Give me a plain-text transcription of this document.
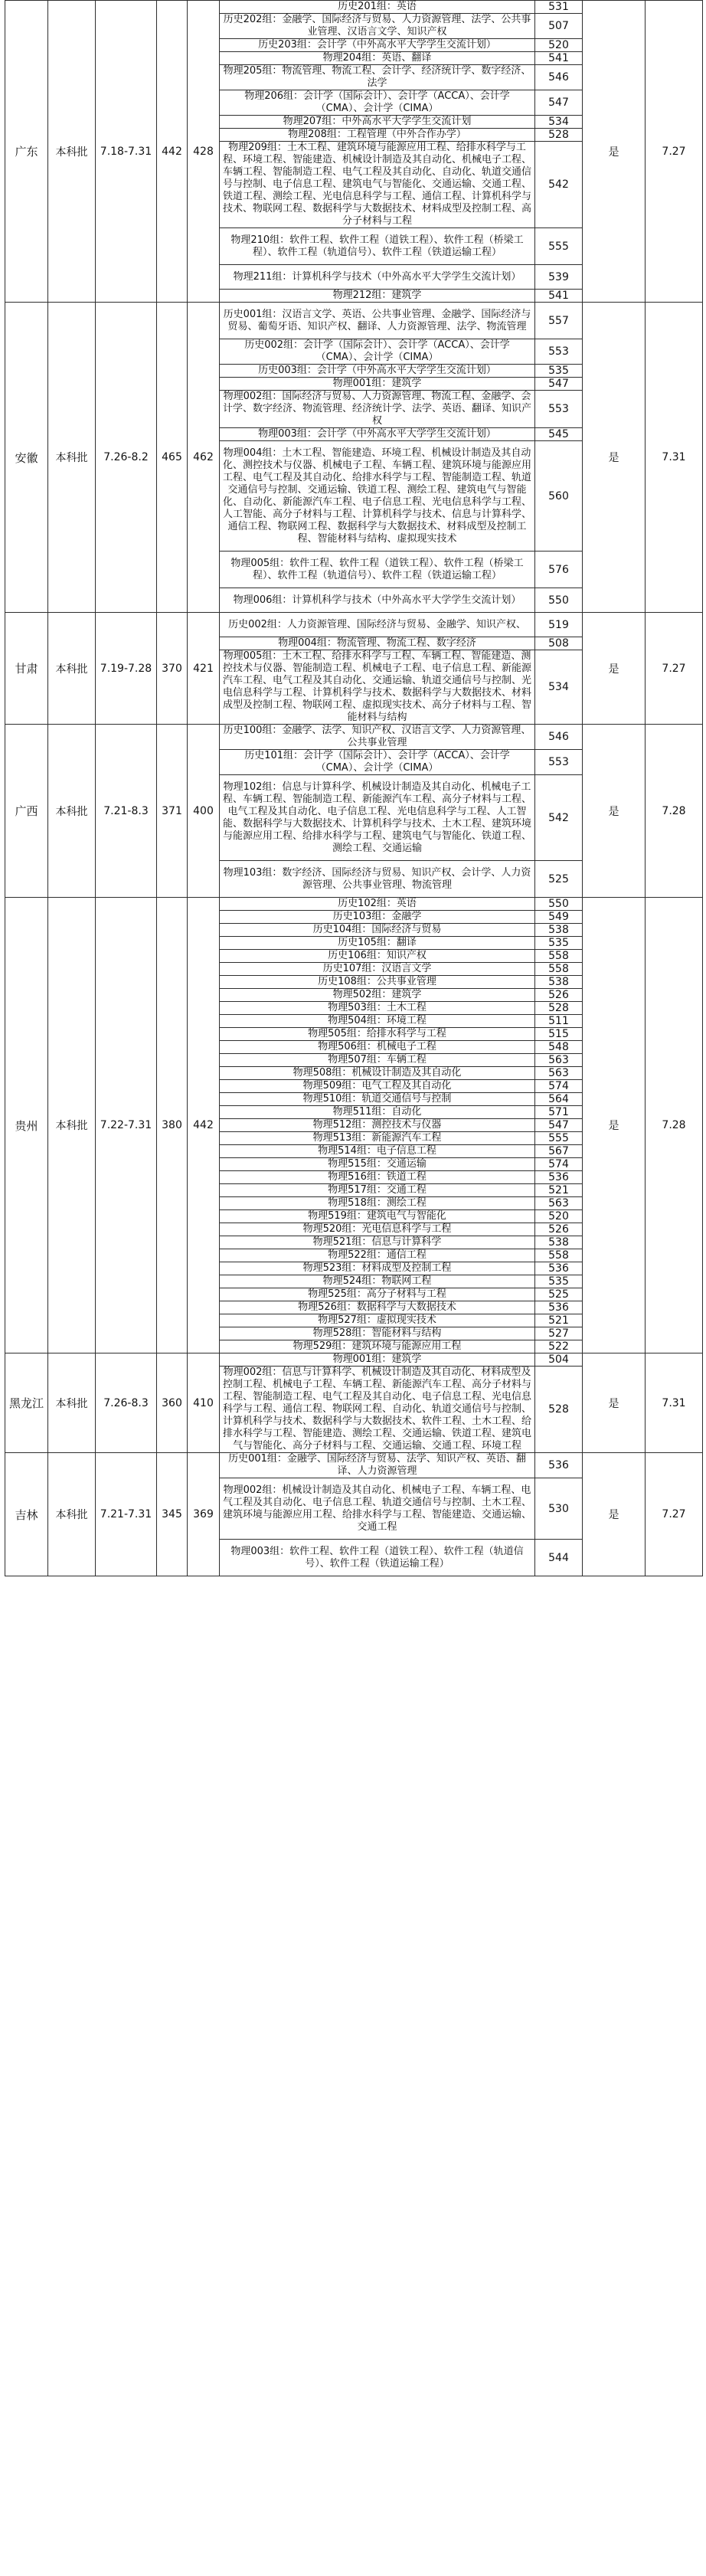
广东	本科批	7.18-7.31	442	428	历史201组：英语	531	是	7.27
					历史202组：金融学、国际经济与贸易、人力资源管理、法学、公共事业管理、汉语言文学、知识产权	507		
					历史203组：会计学（中外高水平大学学生交流计划）	520		
					物理204组：英语、翻译	541		
					物理205组：物流管理、物流工程、会计学、经济统计学、数字经济、法学	546		
					物理206组：会计学（国际会计）、会计学（ACCA）、会计学（CMA）、会计学（CIMA）	547		
					物理207组：中外高水平大学学生交流计划	534		
					物理208组：工程管理（中外合作办学）	528		
					物理209组：土木工程、建筑环境与能源应用工程、给排水科学与工程、环境工程、智能建造、机械设计制造及其自动化、机械电子工程、车辆工程、智能制造工程、电气工程及其自动化、自动化、轨道交通信号与控制、电子信息工程、建筑电气与智能化、交通运输、交通工程、铁道工程、测绘工程、光电信息科学与工程、通信工程、计算机科学与技术、物联网工程、数据科学与大数据技术、材料成型及控制工程、高分子材料与工程	542		
					物理210组：软件工程、软件工程（道铁工程）、软件工程（桥梁工程）、软件工程（轨道信号）、软件工程（铁道运输工程）	555		
					物理211组：计算机科学与技术（中外高水平大学学生交流计划）	539		
					物理212组：建筑学	541		
安徽	本科批	7.26-8.2	465	462	历史001组：汉语言文学、英语、公共事业管理、金融学、国际经济与贸易、葡萄牙语、知识产权、翻译、人力资源管理、法学、物流管理	557	是	7.31
					历史002组：会计学（国际会计）、会计学（ACCA）、会计学（CMA）、会计学（CIMA）	553		
					历史003组：会计学（中外高水平大学学生交流计划）	535		
					物理001组：建筑学	547		
					物理002组：国际经济与贸易、人力资源管理、物流工程、金融学、会计学、数字经济、物流管理、经济统计学、法学、英语、翻译、知识产权	553		
					物理003组：会计学（中外高水平大学学生交流计划）	545		
					物理004组：土木工程、智能建造、环境工程、机械设计制造及其自动化、测控技术与仪器、机械电子工程、车辆工程、建筑环境与能源应用工程、电气工程及其自动化、给排水科学与工程、智能制造工程、轨道交通信号与控制、交通运输、铁道工程、测绘工程、建筑电气与智能化、自动化、新能源汽车工程、电子信息工程、光电信息科学与工程、人工智能、高分子材料与工程、计算机科学与技术、信息与计算科学、通信工程、物联网工程、数据科学与大数据技术、材料成型及控制工程、智能材料与结构、虚拟现实技术	560		
					物理005组：软件工程、软件工程（道铁工程）、软件工程（桥梁工程）、软件工程（轨道信号）、软件工程（铁道运输工程）	576		
					物理006组：计算机科学与技术（中外高水平大学学生交流计划）	550		
甘肃	本科批	7.19-7.28	370	421	历史002组：人力资源管理、国际经济与贸易、金融学、知识产权、	519	是	7.27
					物理004组：物流管理、物流工程、数字经济	508		
					物理005组：土木工程、给排水科学与工程、车辆工程、智能建造、测控技术与仪器、智能制造工程、机械电子工程、电子信息工程、新能源汽车工程、电气工程及其自动化、交通运输、轨道交通信号与控制、光电信息科学与工程、计算机科学与技术、数据科学与大数据技术、材料成型及控制工程、物联网工程、虚拟现实技术、高分子材料与工程、智能材料与结构	534		
广西	本科批	7.21-8.3	371	400	历史100组：金融学、法学、知识产权、汉语言文学、人力资源管理、公共事业管理	546	是	7.28
					历史101组：会计学（国际会计）、会计学（ACCA）、会计学（CMA）、会计学（CIMA）	553		
					物理102组：信息与计算科学、机械设计制造及其自动化、机械电子工程、车辆工程、智能制造工程、新能源汽车工程、高分子材料与工程、电气工程及其自动化、电子信息工程、光电信息科学与工程、人工智能、数据科学与大数据技术、计算机科学与技术、土木工程、建筑环境与能源应用工程、给排水科学与工程、建筑电气与智能化、铁道工程、测绘工程、交通运输	542		
					物理103组：数字经济、国际经济与贸易、知识产权、会计学、人力资源管理、公共事业管理、物流管理	525		
贵州	本科批	7.22-7.31	380	442	历史102组：英语	550	是	7.28
					历史103组：金融学	549		
					历史104组：国际经济与贸易	538		
					历史105组：翻译	535		
					历史106组：知识产权	558		
					历史107组：汉语言文学	558		
					历史108组：公共事业管理	538		
					物理502组：建筑学	526		
					物理503组：土木工程	528		
					物理504组：环境工程	511		
					物理505组：给排水科学与工程	515		
					物理506组：机械电子工程	548		
					物理507组：车辆工程	563		
					物理508组：机械设计制造及其自动化	563		
					物理509组：电气工程及其自动化	574		
					物理510组：轨道交通信号与控制	564		
					物理511组：自动化	571		
					物理512组：测控技术与仪器	547		
					物理513组：新能源汽车工程	555		
					物理514组：电子信息工程	567		
					物理515组：交通运输	574		
					物理516组：铁道工程	536		
					物理517组：交通工程	521		
					物理518组：测绘工程	563		
					物理519组：建筑电气与智能化	520		
					物理520组：光电信息科学与工程	526		
					物理521组：信息与计算科学	538		
					物理522组：通信工程	558		
					物理523组：材料成型及控制工程	536		
					物理524组：物联网工程	535		
					物理525组：高分子材料与工程	525		
					物理526组：数据科学与大数据技术	536		
					物理527组：虚拟现实技术	521		
					物理528组：智能材料与结构	527		
					物理529组：建筑环境与能源应用工程	522		
黑龙江	本科批	7.26-8.3	360	410	物理001组：建筑学	504	是	7.31
					物理002组：信息与计算科学、机械设计制造及其自动化、材料成型及控制工程、机械电子工程、车辆工程、新能源汽车工程、高分子材料与工程、智能制造工程、电气工程及其自动化、电子信息工程、光电信息科学与工程、通信工程、物联网工程、自动化、轨道交通信号与控制、计算机科学与技术、数据科学与大数据技术、软件工程、土木工程、给排水科学与工程、智能建造、测绘工程、交通运输、铁道工程、建筑电气与智能化、高分子材料与工程、交通运输、交通工程、环境工程	528		
吉林	本科批	7.21-7.31	345	369	历史001组：金融学、国际经济与贸易、法学、知识产权、英语、翻译、人力资源管理	536	是	7.27
					物理002组：机械设计制造及其自动化、机械电子工程、车辆工程、电气工程及其自动化、电子信息工程、轨道交通信号与控制、土木工程、建筑环境与能源应用工程、给排水科学与工程、智能建造、交通运输、交通工程	530		
					物理003组：软件工程、软件工程（道铁工程）、软件工程（轨道信号）、软件工程（铁道运输工程）	544		
